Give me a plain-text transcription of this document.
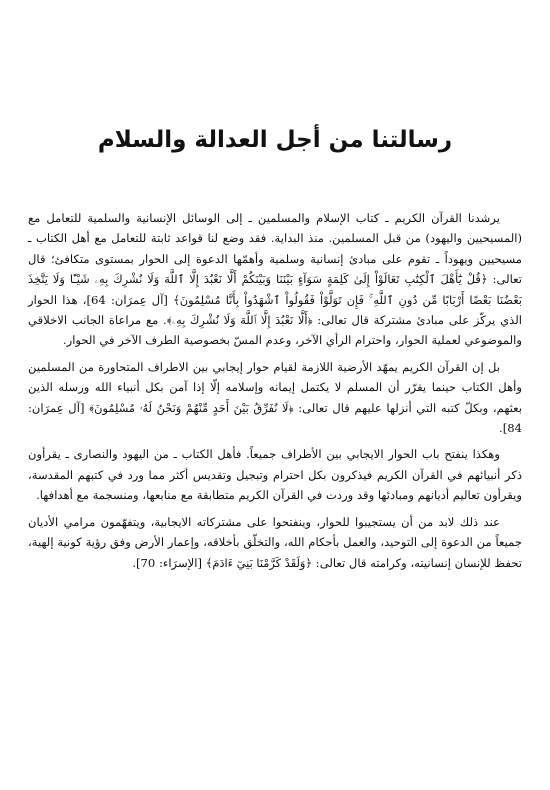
رسالتنا من أجل العدالة والسلام

يرشدنا القرآن الكريم ـ كتاب الإسلام والمسلمين ـ إلى الوسائل الإنسانية والسلمية للتعامل مع (المسيحيين واليهود) من قبل المسلمين. منذ البداية. فقد وضع لنا قواعد ثابتة للتعامل مع أهل الكتاب ـ مسيحيين ويهوداً ـ تقوم على مبادئ إنسانية وسلمية وأهمّها الدعوة إلى الحوار بمستوى متكافئ؛ قال تعالى: ﴿قُلْ يَٰٓأَهْلَ ٱلْكِتَٰبِ تَعَالَوْاْ إِلَىٰ كَلِمَةٍ سَوَآءٍ بَيْنَنَا وَبَيْنَكُمْ أَلَّا نَعْبُدَ إِلَّا ٱللَّهَ وَلَا نُشْرِكَ بِهِۦ شَيْـًٔا وَلَا يَتَّخِذَ بَعْضُنَا بَعْضًا أَرْبَابًا مِّن دُونِ ٱللَّهِ ۚ فَإِن تَوَلَّوْاْ فَقُولُواْ ٱشْهَدُواْ بِأَنَّا مُسْلِمُونَ﴾ [آل عِمرَان: 64]، هذا الحوار الذي يركّز على مبادئ مشتركة قال تعالى: ﴿أَلَّا نَعْبُدَ إِلَّا ٱللَّهَ وَلَا نُشْرِكَ بِهِۦ﴾. مع مراعاة الجانب الاخلاقي والموضوعي لعملية الحوار، واحترام الرأي الآخر، وعدم المسّ بخصوصية الطرف الآخر في الحوار.

بل إن القرآن الكريم يمهّد الأرضية اللازمة لقيام حوار إيجابي بين الاطراف المتحاورة من المسلمين وأهل الكتاب حينما يقرّر أن المسلم لا يكتمل إيمانه وإسلامه إلّا إذا آمن بكل أنبياء الله ورسله الذين بعثهم، وبكلّ كتبه التي أنزلها عليهم قال تعالى: ﴿لَا نُفَرِّقُ بَيْنَ أَحَدٍ مِّنْهُمْ وَنَحْنُ لَهُۥ مُسْلِمُونَ﴾ [آل عِمرَان: 84].

وهكذا ينفتح باب الحوار الايجابي بين الأطراف جميعاً. فأهل الكتاب ـ من اليهود والنصارى ـ يقرأون ذكر أنبيائهم في القرآن الكريم فيذكرون بكل احترام وتبجيل وتقديس أكثر مما ورد في كتبهم المقدسة، ويقرأون تعاليم أديانهم ومبادئها وقد وردت في القرآن الكريم متطابقة مع منابعها، ومنسجمة مع أهدافها.

عند ذلك لابد من أن يستجيبوا للحوار، وينفتحوا على مشتركاته الايجابية، ويتفهّمون مرامي الأديان جميعاً من الدعوة إلى التوحيد، والعمل بأحكام الله، والتخلّق بأخلاقه، وإعمار الأرض وفق رؤية كونية إلهية، تحفظ للإنسان إنسانيته، وكرامته قال تعالى: ﴿وَلَقَدْ كَرَّمْنَا بَنِيٓ ءَادَمَ﴾ [الإسرَاء: 70].
